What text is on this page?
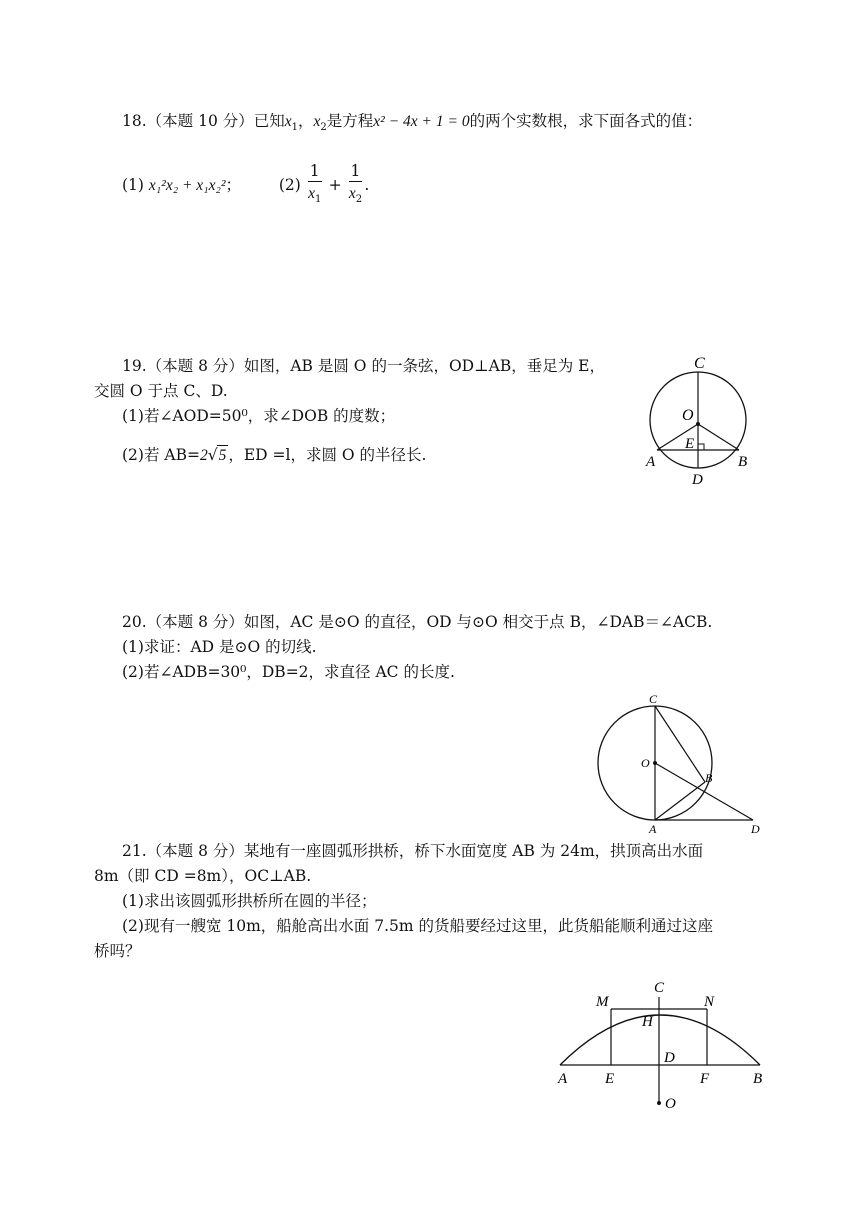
18.（本题 10 分）已知$x_1$，$x_2$是方程x² − 4x + 1 = 0的两个实数根，求下面各式的值：
(1) x₁²x₂ + x₁x₂²； $(2) \frac{1}{x_1} + \frac{1}{x_2}$ .
19.（本题 8 分）如图，AB 是圆 O 的一条弦，OD⊥AB，垂足为 E，
交圆 O 于点 C、D.
(1)若∠AOD=50⁰，求∠DOB 的度数；
(2)若 AB=2√5 ，ED =l，求圆 O 的半径长.
C
O
E
A	B
D
20.（本题 8 分）如图，AC 是⊙O 的直径，OD 与⊙O 相交于点 B，∠DAB＝∠ACB.
(1)求证：AD 是⊙O 的切线.
(2)若∠ADB=30⁰，DB=2，求直径 AC 的长度.
C
O
B
A	D
21.（本题 8 分）某地有一座圆弧形拱桥，桥下水面宽度 AB 为 24m，拱顶高出水面
8m（即 CD =8m），OC⊥AB.
(1)求出该圆弧形拱桥所在圆的半径；
(2)现有一艘宽 10m，船舱高出水面 7.5m 的货船要经过这里，此货船能顺利通过这座
桥吗？
M
C
N
H
D
A	E	F	B
O
